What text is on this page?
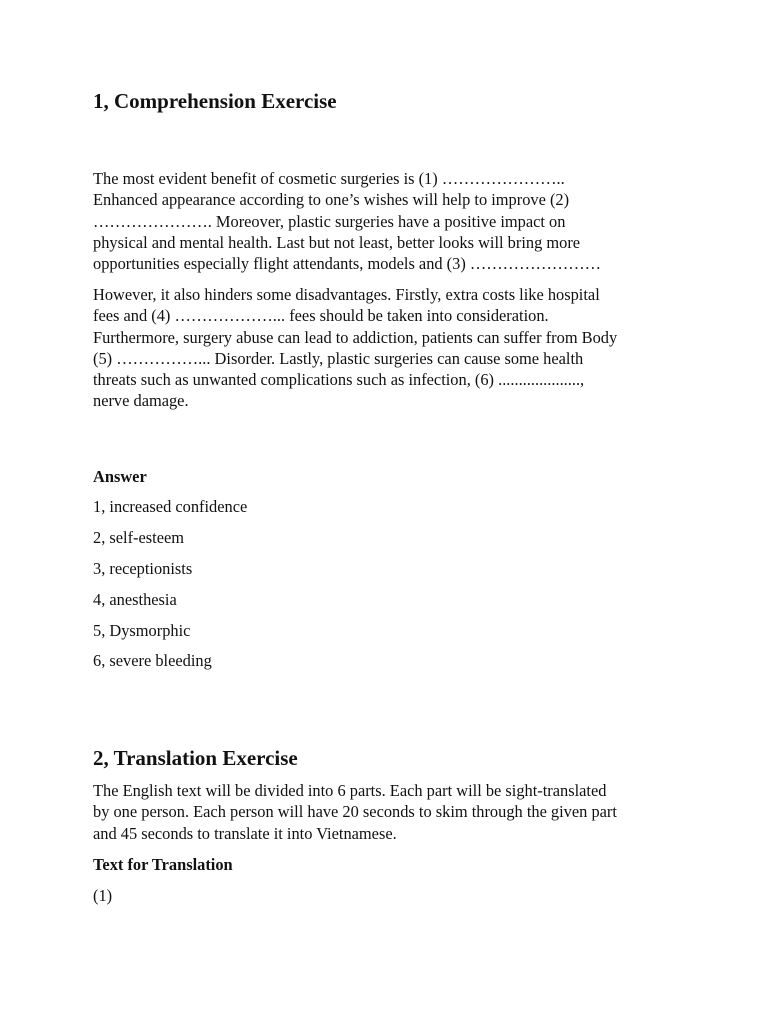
1, Comprehension Exercise

The most evident benefit of cosmetic surgeries is (1) …………………..
Enhanced appearance according to one’s wishes will help to improve (2)
…………………. Moreover, plastic surgeries have a positive impact on
physical and mental health. Last but not least, better looks will bring more
opportunities especially flight attendants, models and (3) ……………………

However, it also hinders some disadvantages. Firstly, extra costs like hospital
fees and (4) ………………... fees should be taken into consideration.
Furthermore, surgery abuse can lead to addiction, patients can suffer from Body
(5) ……………... Disorder. Lastly, plastic surgeries can cause some health
threats such as unwanted complications such as infection, (6) ....................,
nerve damage.

Answer

1, increased confidence

2, self-esteem

3, receptionists

4, anesthesia

5, Dysmorphic

6, severe bleeding

2, Translation Exercise

The English text will be divided into 6 parts. Each part will be sight-translated
by one person. Each person will have 20 seconds to skim through the given part
and 45 seconds to translate it into Vietnamese.

Text for Translation

(1)
